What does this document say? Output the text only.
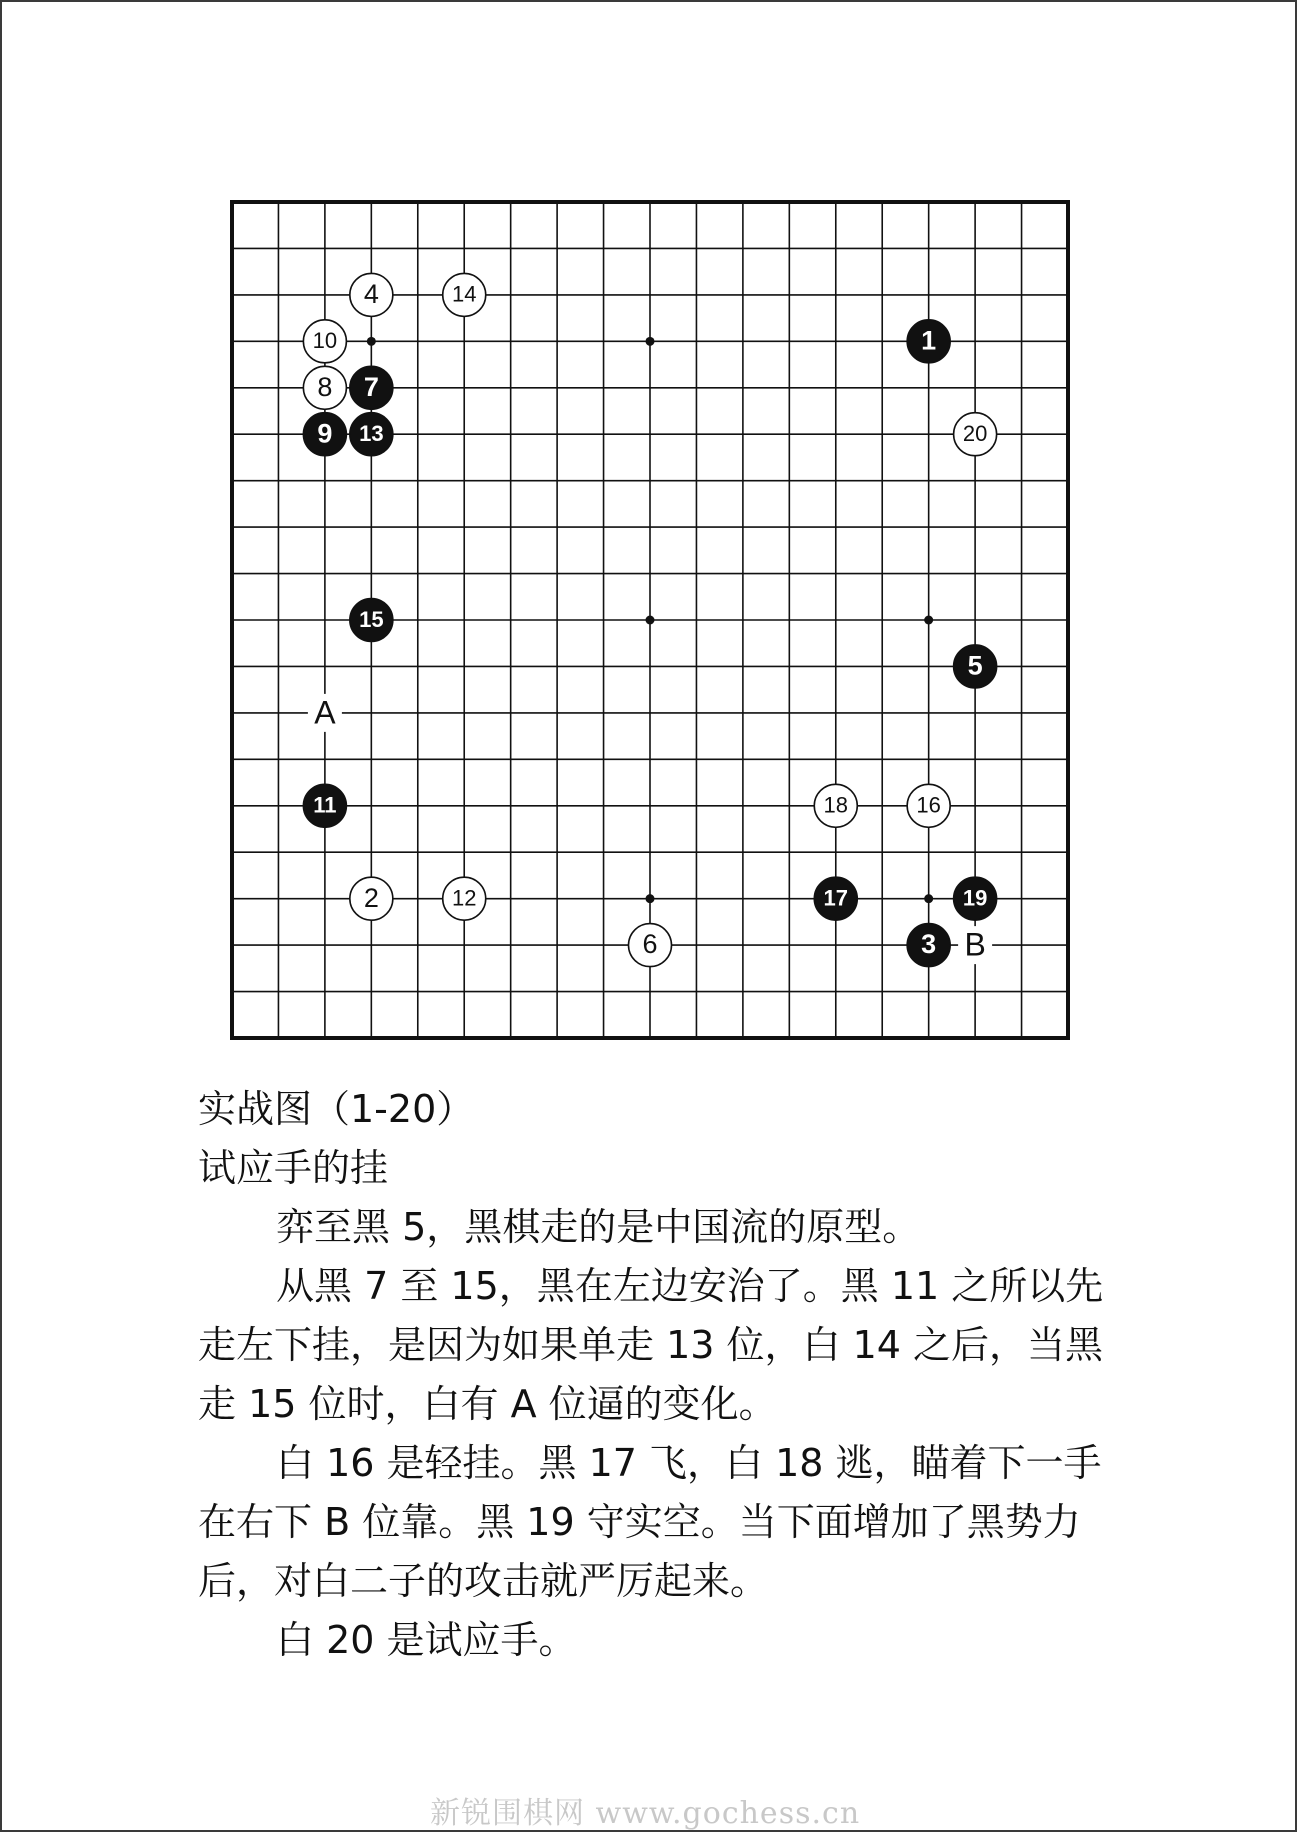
1
2
3
4
5
6
7
8
9
10
11
12
13
14
15
16
17
18
19
20
A
B

实战图（1-20）

试应手的挂

弈至黑 5，黑棋走的是中国流的原型。

从黑 7 至 15，黑在左边安治了。黑 11 之所以先走左下挂，是因为如果单走 13 位，白 14 之后，当黑走 15 位时，白有 A 位逼的变化。

白 16 是轻挂。黑 17 飞，白 18 逃，瞄着下一手在右下 B 位靠。黑 19 守实空。当下面增加了黑势力后，对白二子的攻击就严厉起来。

白 20 是试应手。

新锐围棋网 www.gochess.cn
